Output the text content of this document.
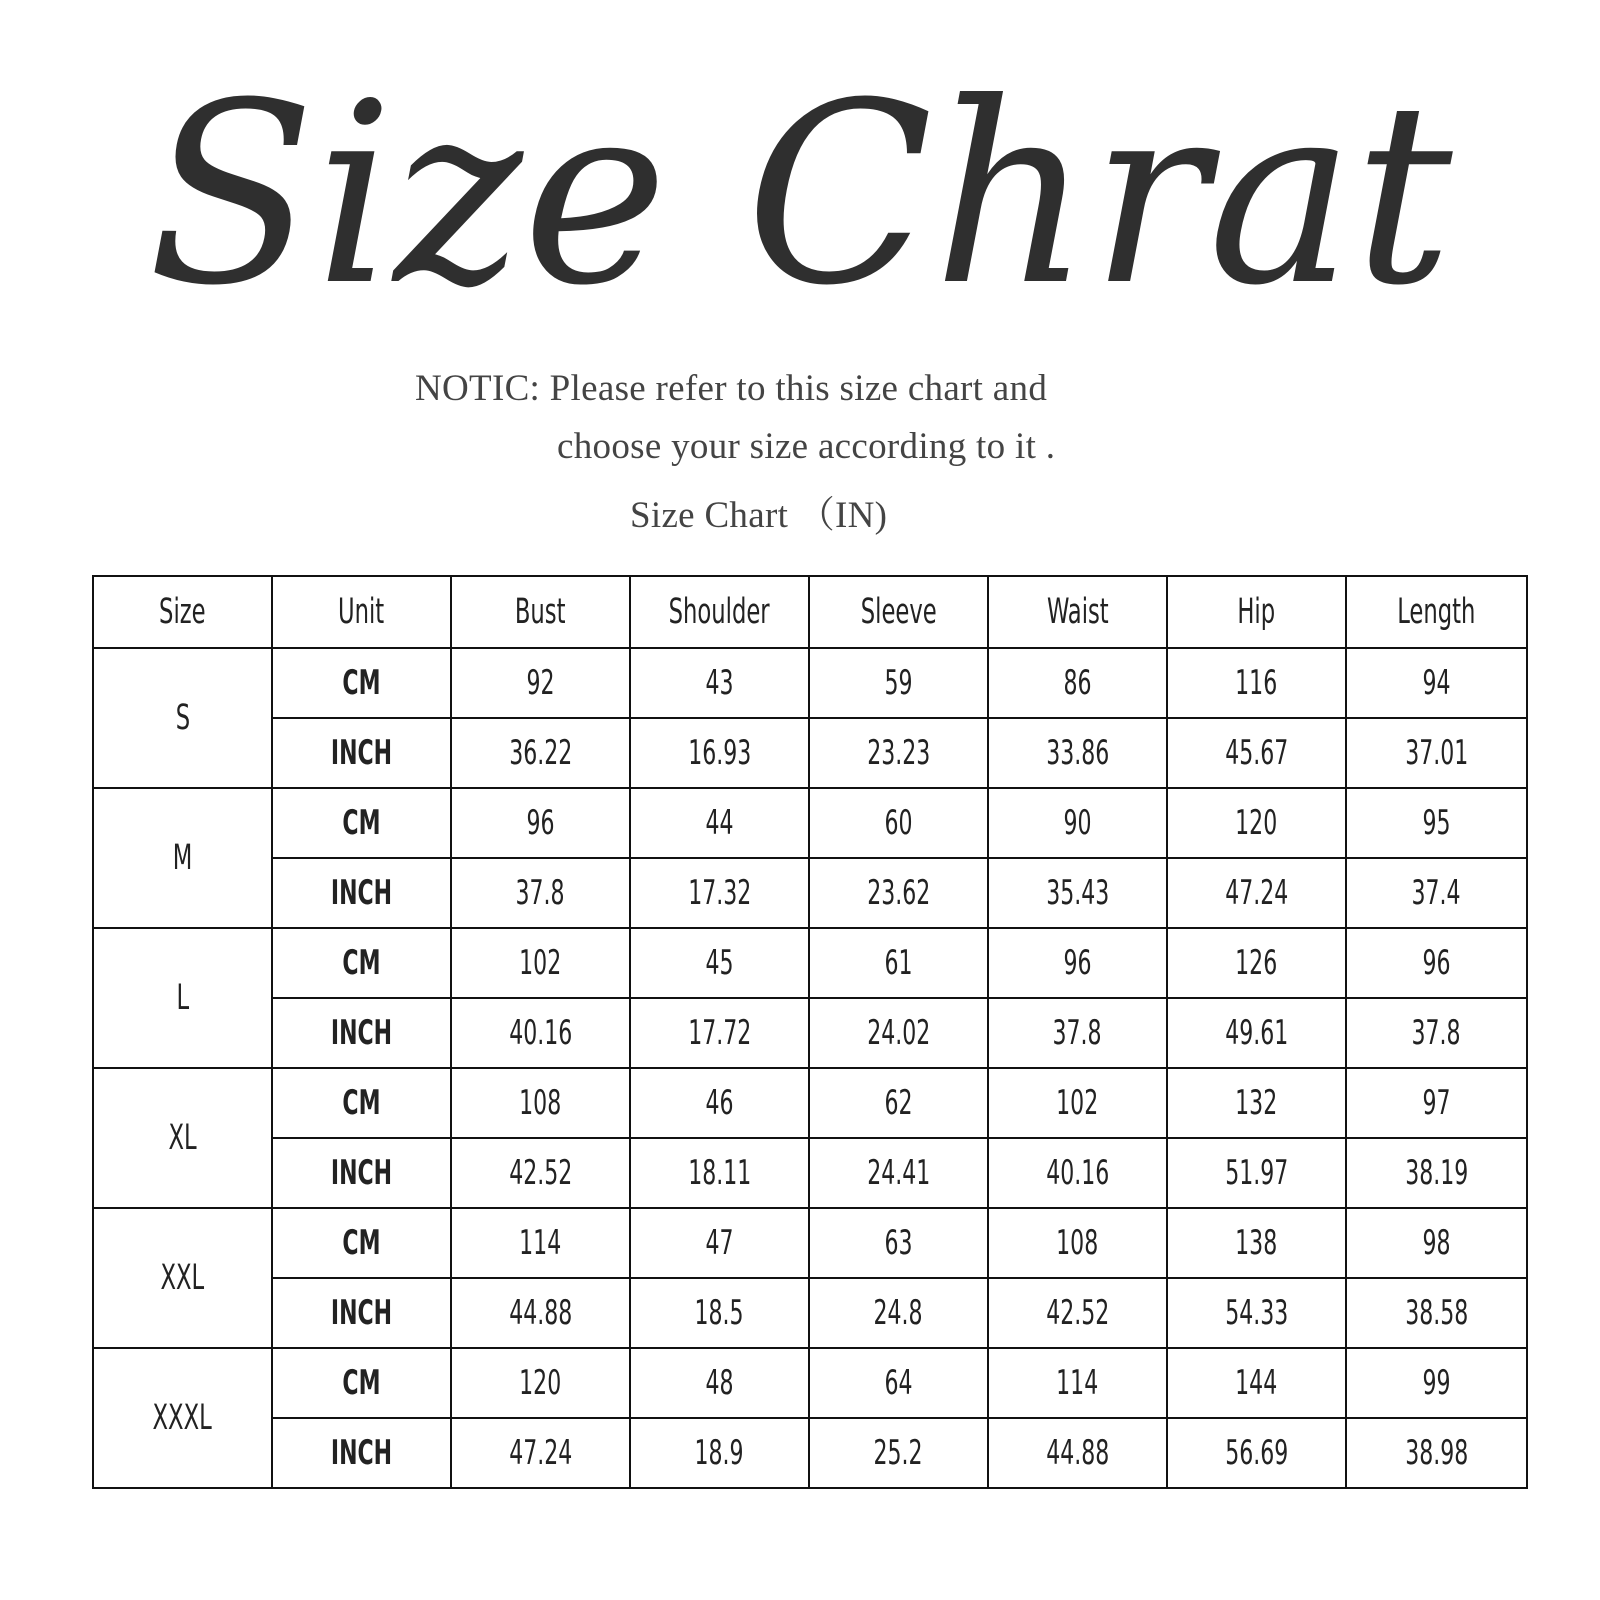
Size Chrat
NOTIC: Please refer to this size chart and
choose your size according to it .
Size Chart （IN)
Size	Unit	Bust	Shoulder	Sleeve	Waist	Hip	Length
S	CM	92	43	59	86	116	94
	INCH	36.22	16.93	23.23	33.86	45.67	37.01
M	CM	96	44	60	90	120	95
	INCH	37.8	17.32	23.62	35.43	47.24	37.4
L	CM	102	45	61	96	126	96
	INCH	40.16	17.72	24.02	37.8	49.61	37.8
XL	CM	108	46	62	102	132	97
	INCH	42.52	18.11	24.41	40.16	51.97	38.19
XXL	CM	114	47	63	108	138	98
	INCH	44.88	18.5	24.8	42.52	54.33	38.58
XXXL	CM	120	48	64	114	144	99
	INCH	47.24	18.9	25.2	44.88	56.69	38.98
